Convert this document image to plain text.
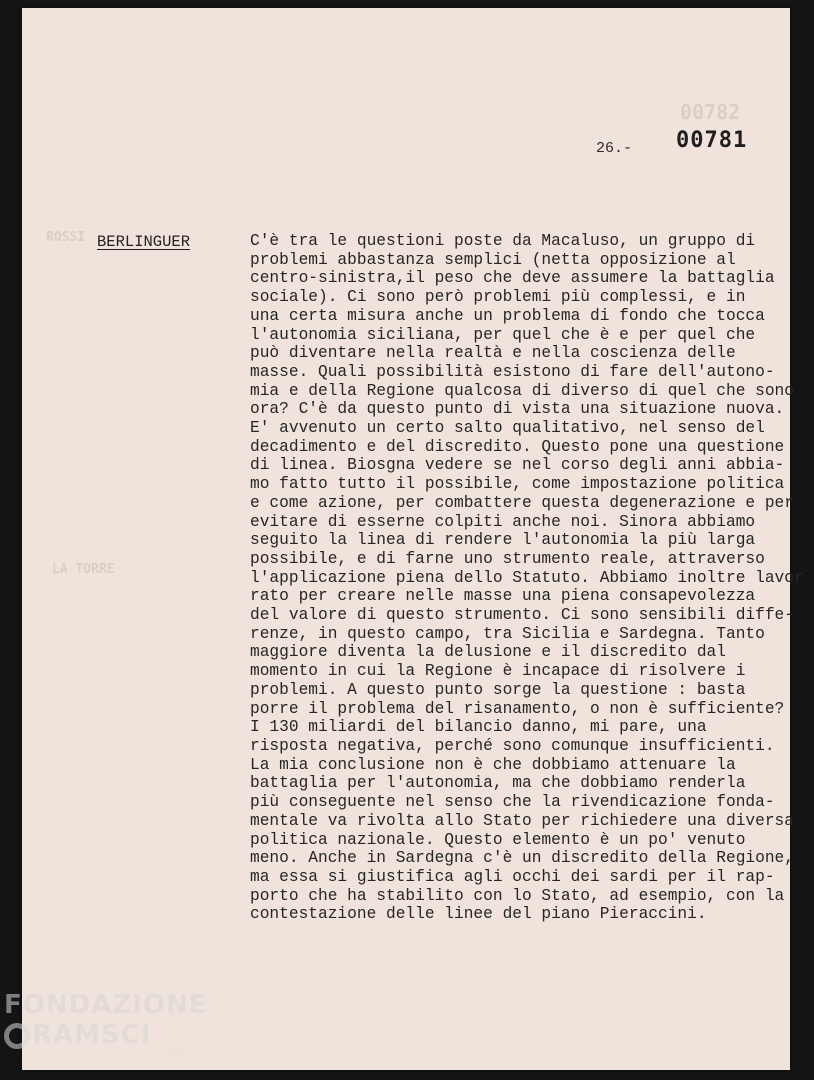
00782
ROSSI
LA TORRE
26.- 00781
BERLINGUER	C'è tra le questioni poste da Macaluso, un gruppo di
problemi abbastanza semplici (netta opposizione al
centro-sinistra,il peso che deve assumere la battaglia
sociale). Ci sono però problemi più complessi, e in
una certa misura anche un problema di fondo che tocca
l'autonomia siciliana, per quel che è e per quel che
può diventare nella realtà e nella coscienza delle
masse. Quali possibilità esistono di fare dell'autono-
mia e della Regione qualcosa di diverso di quel che sono
ora? C'è da questo punto di vista una situazione nuova.
E' avvenuto un certo salto qualitativo, nel senso del
decadimento e del discredito. Questo pone una questione
di linea. Biosgna vedere se nel corso degli anni abbia-
mo fatto tutto il possibile, come impostazione politica
e come azione, per combattere questa degenerazione e per
evitare di esserne colpiti anche noi. Sinora abbiamo
seguito la linea di rendere l'autonomia la più larga
possibile, e di farne uno strumento reale, attraverso
l'applicazione piena dello Statuto. Abbiamo inoltre lavor
rato per creare nelle masse una piena consapevolezza
del valore di questo strumento. Ci sono sensibili diffe-
renze, in questo campo, tra Sicilia e Sardegna. Tanto
maggiore diventa la delusione e il discredito dal
momento in cui la Regione è incapace di risolvere i
problemi. A questo punto sorge la questione : basta
porre il problema del risanamento, o non è sufficiente?
I 130 miliardi del bilancio danno, mi pare, una
risposta negativa, perché sono comunque insufficienti.
La mia conclusione non è che dobbiamo attenuare la
battaglia per l'autonomia, ma che dobbiamo renderla
più conseguente nel senso che la rivendicazione fonda-
mentale va rivolta allo Stato per richiedere una diversa
politica nazionale. Questo elemento è un po' venuto
meno. Anche in Sardegna c'è un discredito della Regione,
ma essa si giustifica agli occhi dei sardi per il rap-
porto che ha stabilito con lo Stato, ad esempio, con la
contestazione delle linee del piano Pieraccini.
FONDAZIONE
RAMSCI
onlus
